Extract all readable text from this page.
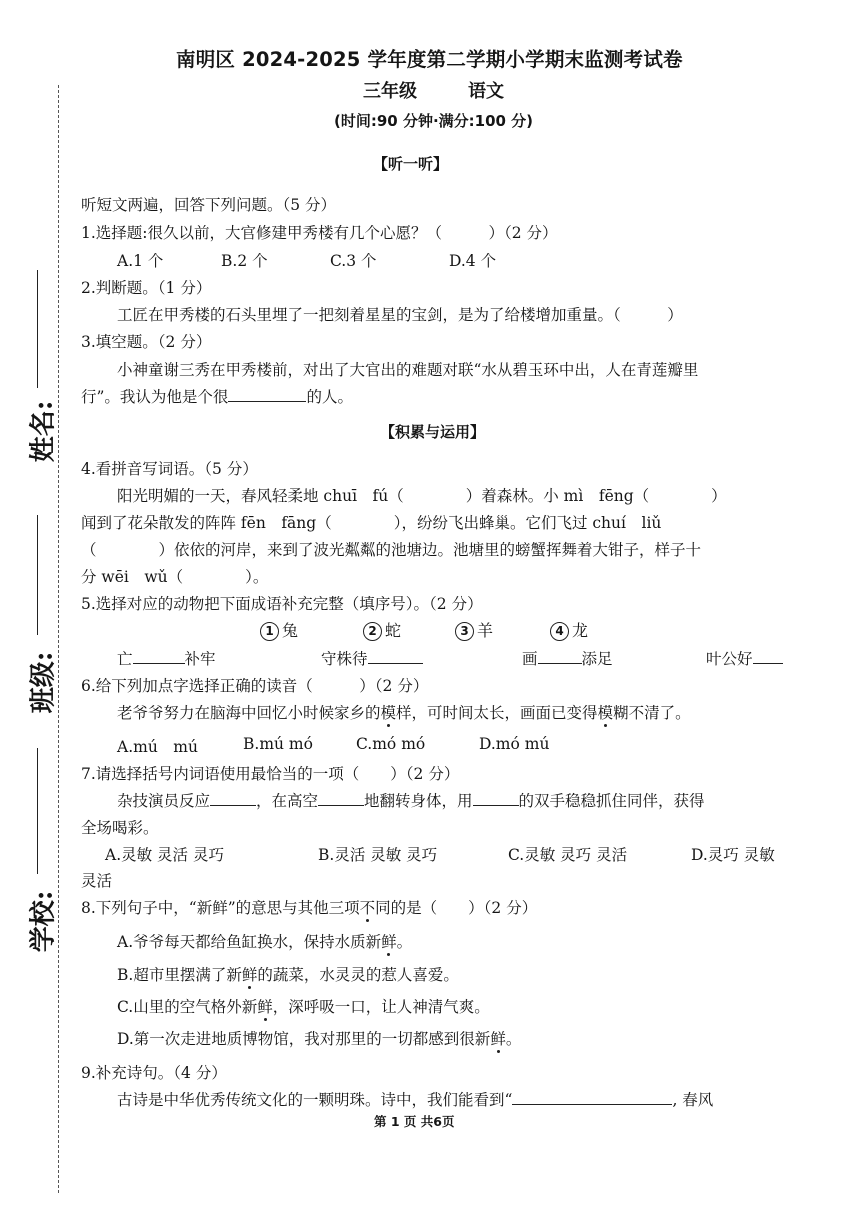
姓名:
班级:
学校:
南明区 2024-2025 学年度第二学期小学期末监测考试卷
三年级	语文
(时间:90 分钟·满分:100 分)
【听一听】
听短文两遍，回答下列问题。（5 分）
1.选择题:很久以前，大官修建甲秀楼有几个心愿？（　　　）（2 分）
A.1 个	B.2 个	C.3 个	D.4 个
2.判断题。（1 分）
工匠在甲秀楼的石头里埋了一把刻着星星的宝剑，是为了给楼增加重量。（　　　）
3.填空题。（2 分）
小神童谢三秀在甲秀楼前，对出了大官出的难题对联“水从碧玉环中出，人在青莲瓣里
行”。我认为他是个很	的人。
【积累与运用】
4.看拼音写词语。（5 分）
阳光明媚的一天，春风轻柔地 chuī　fú（　　　　）着森林。小 mì　fēng（　　　　）
闻到了花朵散发的阵阵 fēn　fāng（　　　　），纷纷飞出蜂巢。它们飞过 chuí　liǔ
（　　　　）依依的河岸，来到了波光粼粼的池塘边。池塘里的螃蟹挥舞着大钳子，样子十
分 wēi　wǔ（　　　　）。
5.选择对应的动物把下面成语补充完整（填序号）。（2 分）
1 兔	2 蛇	3 羊	4 龙
亡	补牢	守株待	画	添足	叶公好
6.给下列加点字选择正确的读音（　　　）（2 分）
老爷爷努力在脑海中回忆小时候家乡的模样，可时间太长，画面已变得模糊不清了。
A.mú　mú	B.mú mó	C.mó mó	D.mó mú
7.请选择括号内词语使用最恰当的一项（　　）（2 分）
杂技演员反应	，在高空	地翻转身体，用	的双手稳稳抓住同伴，获得
全场喝彩。
A.灵敏 灵活 灵巧	B.灵活 灵敏 灵巧	C.灵敏 灵巧 灵活	D.灵巧 灵敏
灵活
8.下列句子中，“新鲜”的意思与其他三项不同的是（　　）（2 分）
A.爷爷每天都给鱼缸换水，保持水质新鲜。
B.超市里摆满了新鲜的蔬菜，水灵灵的惹人喜爱。
C.山里的空气格外新鲜，深呼吸一口，让人神清气爽。
D.第一次走进地质博物馆，我对那里的一切都感到很新鲜。
9.补充诗句。（4 分）
古诗是中华优秀传统文化的一颗明珠。诗中，我们能看到“	, 春风
第 1 页 共6页
